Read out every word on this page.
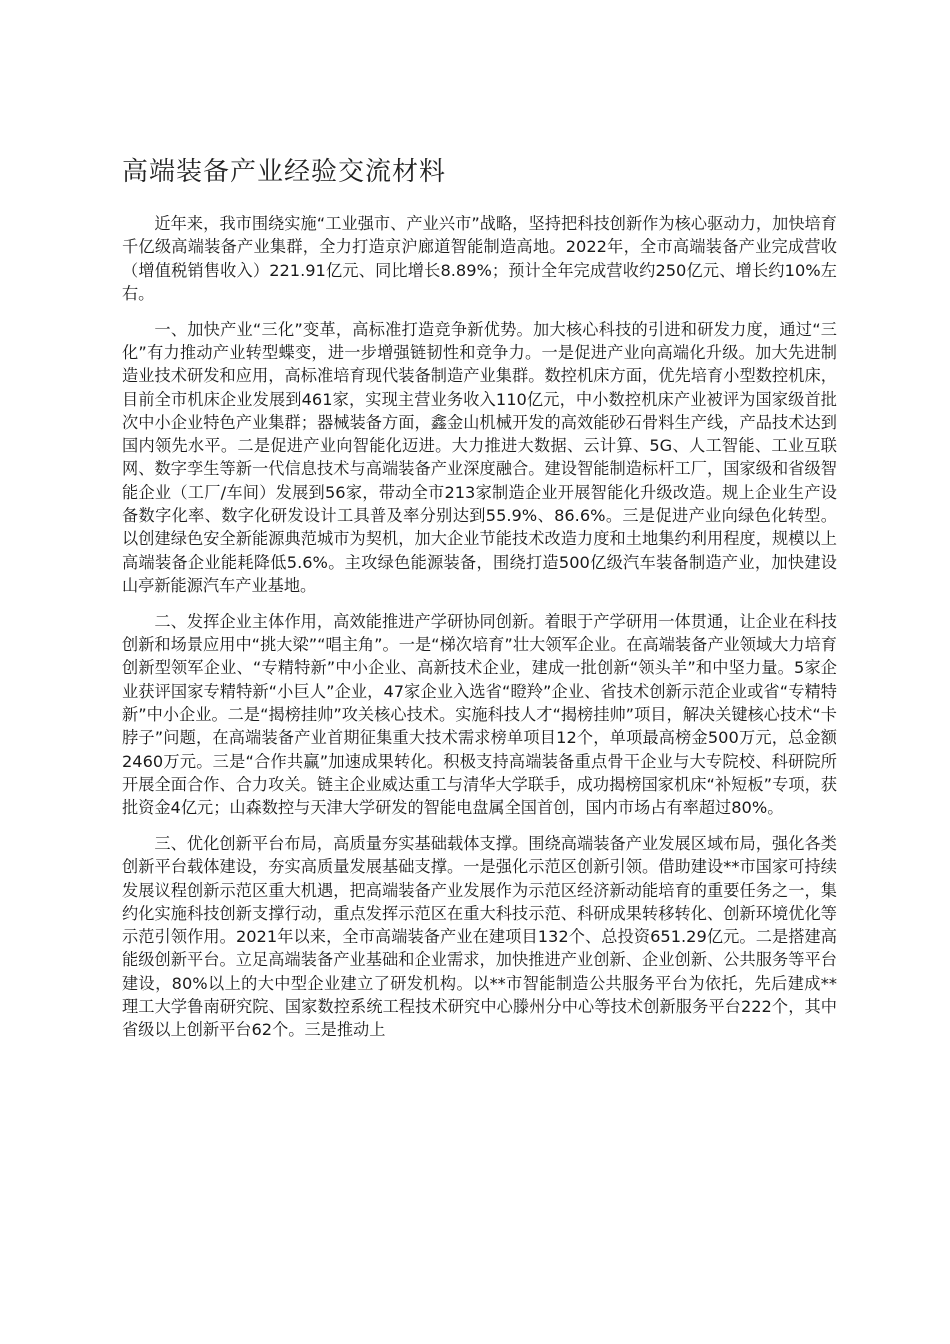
高端装备产业经验交流材料

近年来，我市围绕实施“工业强市、产业兴市”战略，坚持把科技创新作为核心驱动力，加快培育千亿级高端装备产业集群，全力打造京沪廊道智能制造高地。2022年，全市高端装备产业完成营收（增值税销售收入）221.91亿元、同比增长8.89%；预计全年完成营收约250亿元、增长约10%左右。

一、加快产业“三化”变革，高标准打造竞争新优势。加大核心科技的引进和研发力度，通过“三化”有力推动产业转型蝶变，进一步增强链韧性和竞争力。一是促进产业向高端化升级。加大先进制造业技术研发和应用，高标准培育现代装备制造产业集群。数控机床方面，优先培育小型数控机床，目前全市机床企业发展到461家，实现主营业务收入110亿元，中小数控机床产业被评为国家级首批次中小企业特色产业集群；器械装备方面，鑫金山机械开发的高效能砂石骨料生产线，产品技术达到国内领先水平。二是促进产业向智能化迈进。大力推进大数据、云计算、5G、人工智能、工业互联网、数字孪生等新一代信息技术与高端装备产业深度融合。建设智能制造标杆工厂，国家级和省级智能企业（工厂/车间）发展到56家，带动全市213家制造企业开展智能化升级改造。规上企业生产设备数字化率、数字化研发设计工具普及率分别达到55.9%、86.6%。三是促进产业向绿色化转型。以创建绿色安全新能源典范城市为契机，加大企业节能技术改造力度和土地集约利用程度，规模以上高端装备企业能耗降低5.6%。主攻绿色能源装备，围绕打造500亿级汽车装备制造产业，加快建设山亭新能源汽车产业基地。

二、发挥企业主体作用，高效能推进产学研协同创新。着眼于产学研用一体贯通，让企业在科技创新和场景应用中“挑大梁”“唱主角”。一是“梯次培育”壮大领军企业。在高端装备产业领域大力培育创新型领军企业、“专精特新”中小企业、高新技术企业，建成一批创新“领头羊”和中坚力量。5家企业获评国家专精特新“小巨人”企业，47家企业入选省“瞪羚”企业、省技术创新示范企业或省“专精特新”中小企业。二是“揭榜挂帅”攻关核心技术。实施科技人才“揭榜挂帅”项目，解决关键核心技术“卡脖子”问题，在高端装备产业首期征集重大技术需求榜单项目12个，单项最高榜金500万元，总金额2460万元。三是“合作共赢”加速成果转化。积极支持高端装备重点骨干企业与大专院校、科研院所开展全面合作、合力攻关。链主企业威达重工与清华大学联手，成功揭榜国家机床“补短板”专项，获批资金4亿元；山森数控与天津大学研发的智能电盘属全国首创，国内市场占有率超过80%。

三、优化创新平台布局，高质量夯实基础载体支撑。围绕高端装备产业发展区域布局，强化各类创新平台载体建设，夯实高质量发展基础支撑。一是强化示范区创新引领。借助建设**市国家可持续发展议程创新示范区重大机遇，把高端装备产业发展作为示范区经济新动能培育的重要任务之一，集约化实施科技创新支撑行动，重点发挥示范区在重大科技示范、科研成果转移转化、创新环境优化等示范引领作用。2021年以来，全市高端装备产业在建项目132个、总投资651.29亿元。二是搭建高能级创新平台。立足高端装备产业基础和企业需求，加快推进产业创新、企业创新、公共服务等平台建设，80%以上的大中型企业建立了研发机构。以**市智能制造公共服务平台为依托，先后建成**理工大学鲁南研究院、国家数控系统工程技术研究中心滕州分中心等技术创新服务平台222个，其中省级以上创新平台62个。三是推动上
